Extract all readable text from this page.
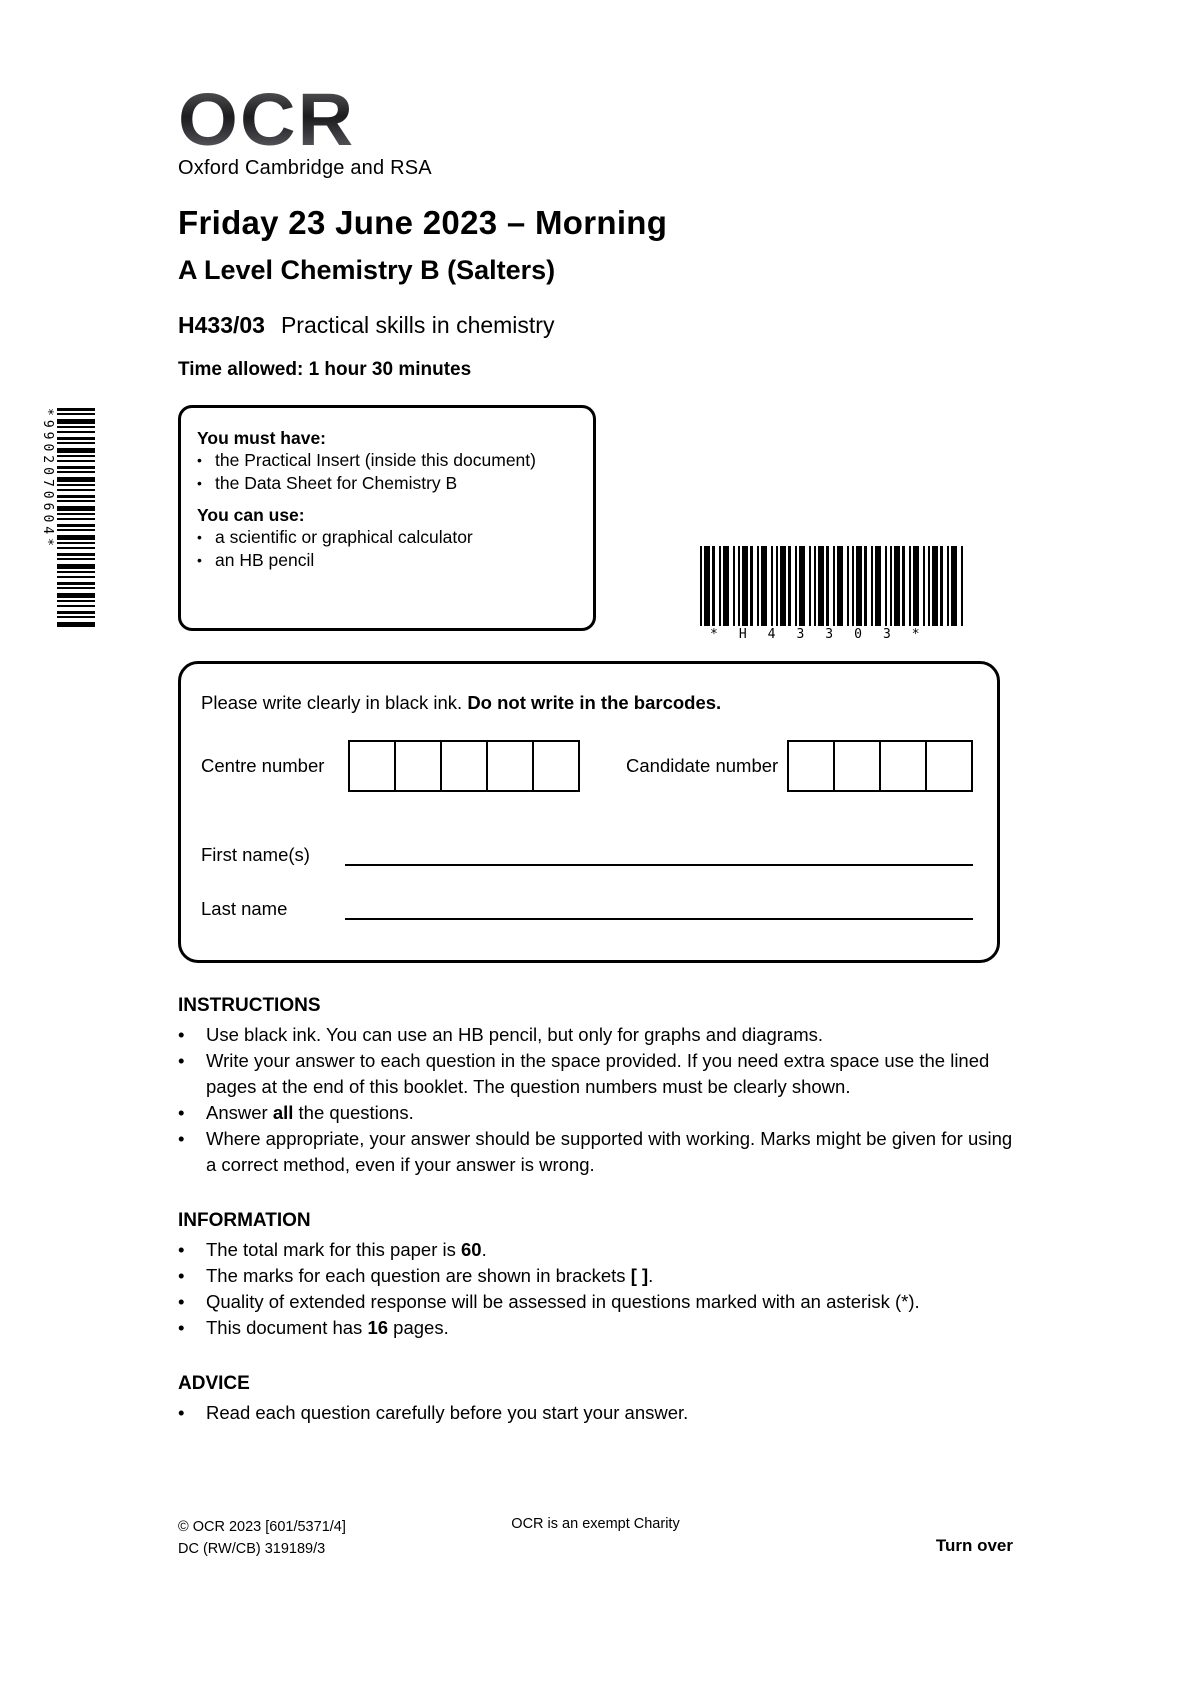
*9902070604*
*H43303*
OCR
Oxford Cambridge and RSA
Friday 23 June 2023 – Morning
A Level Chemistry B (Salters)
H433/03 Practical skills in chemistry
Time allowed: 1 hour 30 minutes
You must have:
• the Practical Insert (inside this document)
• the Data Sheet for Chemistry B
You can use:
• a scientific or graphical calculator
• an HB pencil
Please write clearly in black ink. Do not write in the barcodes.
Centre number	Candidate number
First name(s)
Last name
INSTRUCTIONS
•	Use black ink. You can use an HB pencil, but only for graphs and diagrams.
•	Write your answer to each question in the space provided. If you need extra space use the lined pages at the end of this booklet. The question numbers must be clearly shown.
•	Answer all the questions.
•	Where appropriate, your answer should be supported with working. Marks might be given for using a correct method, even if your answer is wrong.
INFORMATION
•	The total mark for this paper is 60.
•	The marks for each question are shown in brackets [ ].
•	Quality of extended response will be assessed in questions marked with an asterisk (*).
•	This document has 16 pages.
ADVICE
•	Read each question carefully before you start your answer.
© OCR 2023 [601/5371/4]
DC (RW/CB) 319189/3
OCR is an exempt Charity
Turn over
